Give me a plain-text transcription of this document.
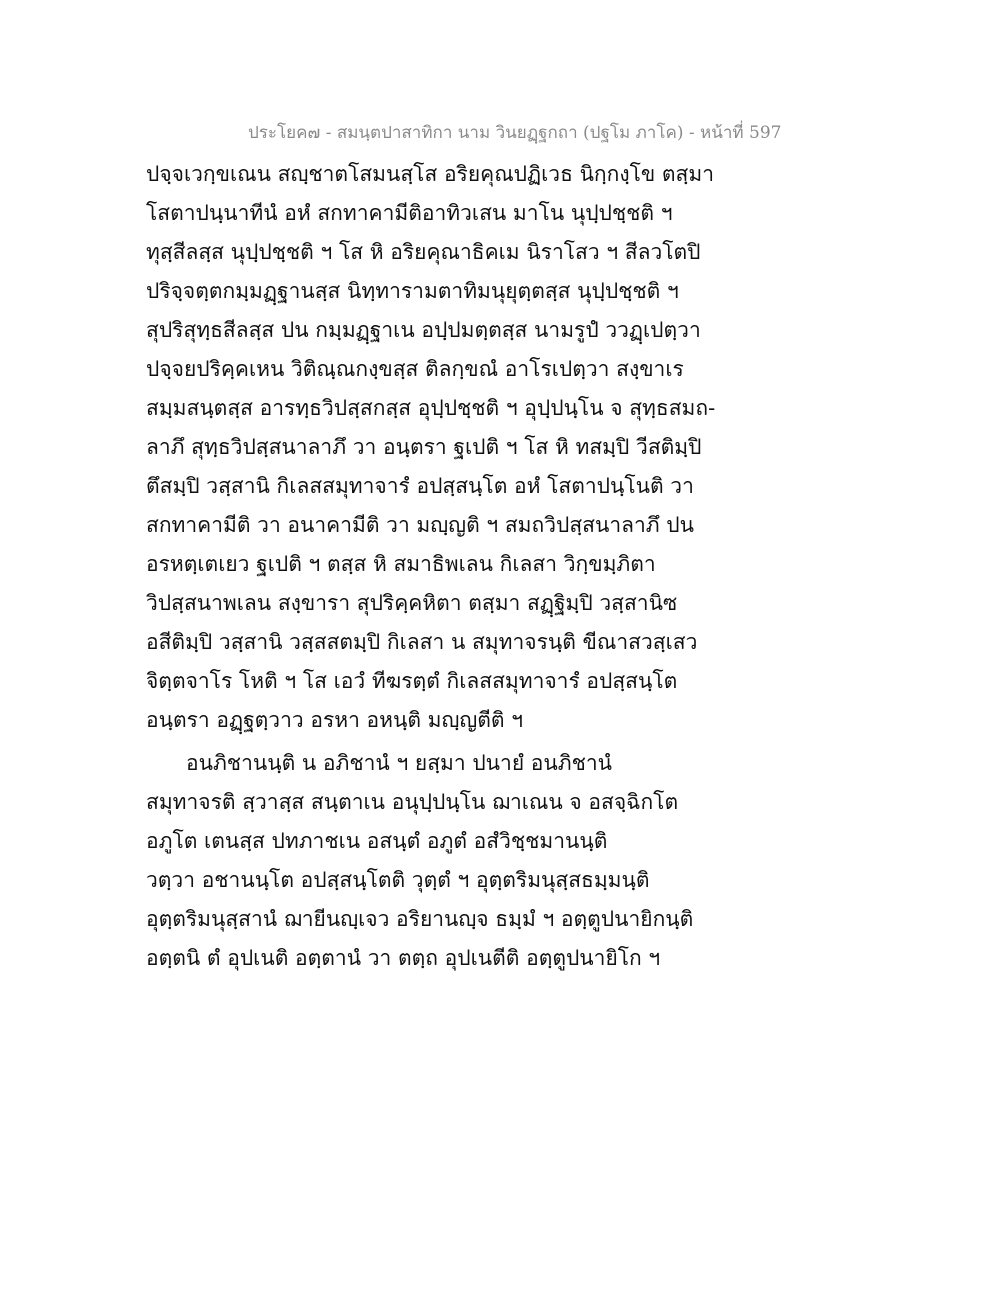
ประโยค๗ - สมนฺตปาสาทิกา นาม วินยฏฺฐกถา (ปฐโม ภาโค) - หน้าที่ 597
ปจฺจเวกฺขเณน สญฺชาตโสมนสฺโส อริยคุณปฏิเวธ นิกฺกงฺโข ตสฺมา
โสตาปนฺนาทีนํ อหํ สกทาคามีติอาทิวเสน มาโน นุปฺปชฺชติ ฯ
ทุสฺสีลสฺส นุปฺปชฺชติ ฯ โส หิ อริยคุณาธิคเม นิราโสว ฯ สีลวโตปิ
ปริจฺจตฺตกมฺมฏฺฐานสฺส นิทฺทารามตาทิมนุยุตฺตสฺส นุปฺปชฺชติ ฯ
สุปริสุทฺธสีลสฺส ปน กมฺมฏฺฐาเน อปฺปมตฺตสฺส นามรูปํ ววฏฺเปตฺวา
ปจฺจยปริคฺคเหน วิติณฺณกงฺขสฺส ติลกฺขณํ อาโรเปตฺวา สงฺขาเร
สมฺมสนฺตสฺส อารทฺธวิปสฺสกสฺส อุปฺปชฺชติ ฯ อุปฺปนฺโน จ สุทฺธสมถ-
ลาภึ สุทฺธวิปสฺสนาลาภึ วา อนฺตรา ฐเปติ ฯ โส หิ ทสมฺปิ วีสติมฺปิ
ตึสมฺปิ วสฺสานิ กิเลสสมุทาจารํ อปสฺสนฺโต อหํ โสตาปนฺโนติ วา
สกทาคามีติ วา อนาคามีติ วา มญฺญติ ฯ สมถวิปสฺสนาลาภึ ปน
อรหตฺเตเยว ฐเปติ ฯ ตสฺส หิ สมาธิพเลน กิเลสา วิกฺขมฺภิตา
วิปสฺสนาพเลน สงฺขารา สุปริคฺคหิตา ตสฺมา สฏฺฐิมฺปิ วสฺสานิซ
อสีติมฺปิ วสฺสานิ วสฺสสตมฺปิ กิเลสา น สมุทาจรนฺติ ขีณาสวสฺเสว
จิตฺตจาโร โหติ ฯ โส เอวํ ทีฆรตฺตํ กิเลสสมุทาจารํ อปสฺสนฺโต
อนฺตรา อฏฺฐตฺวาว อรหา อหนฺติ มญฺญตีติ ฯ
อนภิชานนฺติ น อภิชานํ ฯ ยสฺมา ปนายํ อนภิชานํ
สมุทาจรติ สฺวาสฺส สนฺตาเน อนุปฺปนฺโน ฌาเณน จ อสจฺฉิกโต
อภูโต เตนสฺส ปทภาชเน อสนฺตํ อภูตํ อสํวิชฺชมานนฺติ
วตฺวา อชานนฺโต อปสฺสนฺโตติ วุตฺตํ ฯ อุตฺตริมนุสฺสธมฺมนฺติ
อุตฺตริมนุสฺสานํ ฌายีนญฺเจว อริยานญฺจ ธมฺมํ ฯ อตฺตูปนายิกนฺติ
อตฺตนิ ตํ อุปเนติ อตฺตานํ วา ตตฺถ อุปเนตีติ อตฺตูปนายิโก ฯ
